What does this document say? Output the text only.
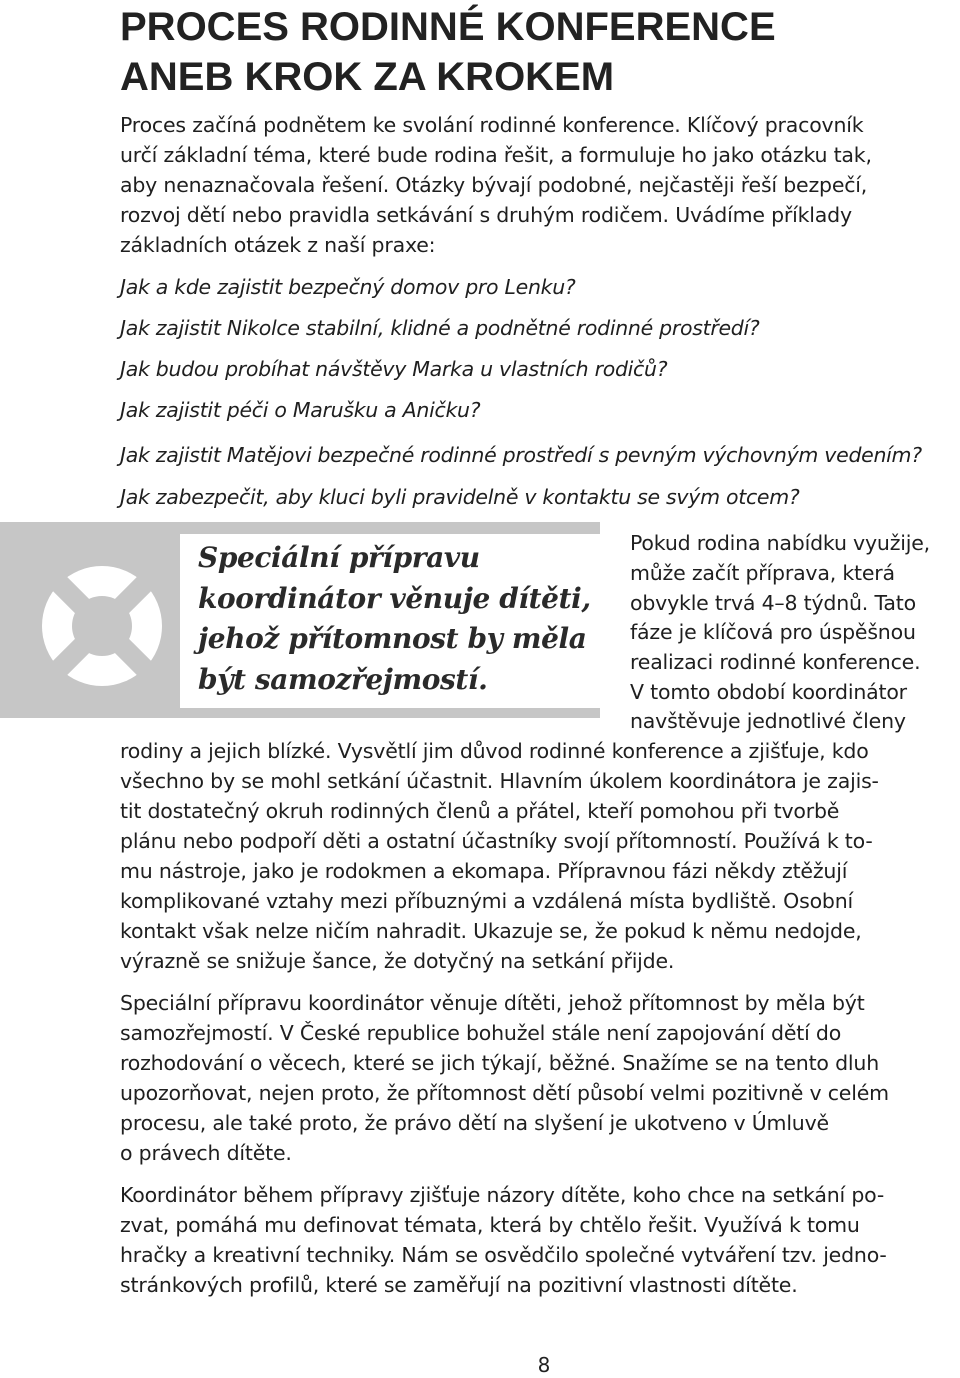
PROCES RODINNÉ KONFERENCE
ANEB KROK ZA KROKEM

Proces začíná podnětem ke svolání rodinné konference. Klíčový pracovník

určí základní téma, které bude rodina řešit, a formuluje ho jako otázku tak,

aby nenaznačovala řešení. Otázky bývají podobné, nejčastěji řeší bezpečí,

rozvoj dětí nebo pravidla setkávání s druhým rodičem. Uvádíme příklady

základních otázek z naší praxe:

Jak a kde zajistit bezpečný domov pro Lenku?

Jak zajistit Nikolce stabilní, klidné a podnětné rodinné prostředí?

Jak budou probíhat návštěvy Marka u vlastních rodičů?

Jak zajistit péči o Marušku a Aničku?

Jak zajistit Matějovi bezpečné rodinné prostředí s pevným výchovným vedením?

Jak zabezpečit, aby kluci byli pravidelně v kontaktu se svým otcem?

Speciální přípravu
koordinátor věnuje dítěti,
jehož přítomnost by měla
být samozřejmostí.

Pokud rodina nabídku využije,

může začít příprava, která

obvykle trvá 4–8 týdnů. Tato

fáze je klíčová pro úspěšnou

realizaci rodinné konference.

V tomto období koordinátor

navštěvuje jednotlivé členy

rodiny a jejich blízké. Vysvětlí jim důvod rodinné konference a zjišťuje, kdo

všechno by se mohl setkání účastnit. Hlavním úkolem koordinátora je zajis-

tit dostatečný okruh rodinných členů a přátel, kteří pomohou při tvorbě

plánu nebo podpoří děti a ostatní účastníky svojí přítomností. Používá k to-

mu nástroje, jako je rodokmen a ekomapa. Přípravnou fázi někdy ztěžují

komplikované vztahy mezi příbuznými a vzdálená místa bydliště. Osobní

kontakt však nelze ničím nahradit. Ukazuje se, že pokud k němu nedojde,

výrazně se snižuje šance, že dotyčný na setkání přijde.

Speciální přípravu koordinátor věnuje dítěti, jehož přítomnost by měla být

samozřejmostí. V České republice bohužel stále není zapojování dětí do

rozhodování o věcech, které se jich týkají, běžné. Snažíme se na tento dluh

upozorňovat, nejen proto, že přítomnost dětí působí velmi pozitivně v celém

procesu, ale také proto, že právo dětí na slyšení je ukotveno v Úmluvě

o právech dítěte.

Koordinátor během přípravy zjišťuje názory dítěte, koho chce na setkání po-

zvat, pomáhá mu definovat témata, která by chtělo řešit. Využívá k tomu

hračky a kreativní techniky. Nám se osvědčilo společné vytváření tzv. jedno-

stránkových profilů, které se zaměřují na pozitivní vlastnosti dítěte.

8
